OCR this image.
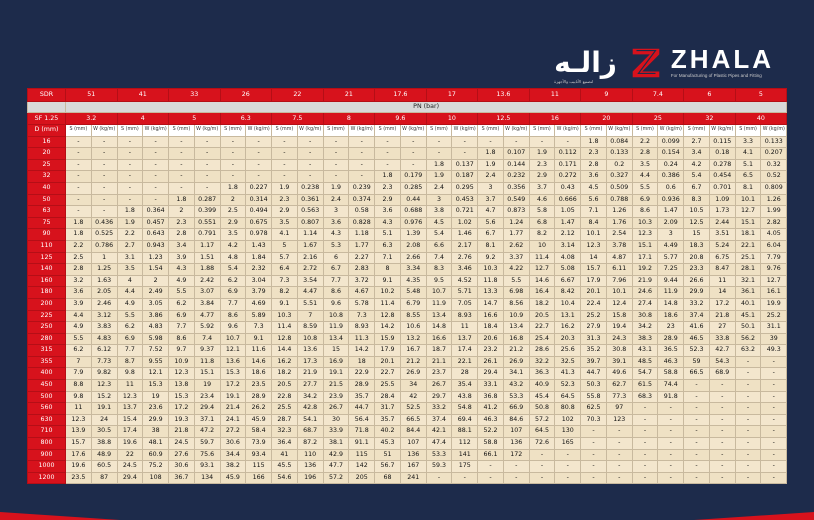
زالـه
لتصنيع الأنابيب والأجهزة
ZHALA
For Manufacturing of Plastic Pipes and Fitting
SDR	51		41		33		26		22		21		17.6		17		13.6		11		9		7.4		6		5	
	PN (bar)																											
SF 1.25	3.2		4		5		6.3		7.5		8		9.6		10		12.5		16		20		25		32		40	
D (mm)	S (mm)	W (kg/m)	S (mm)	W (kg/m)	S (mm)	W (kg/m)	S (mm)	W (kg/m)	S (mm)	W (kg/m)	S (mm)	W (kg/m)	S (mm)	W (kg/m)	S (mm)	W (kg/m)	S (mm)	W (kg/m)	S (mm)	W (kg/m)	S (mm)	W (kg/m)	S (mm)	W (kg/m)	S (mm)	W (kg/m)	S (mm)	W (kg/m)
16	-	-	-	-	-	-	-	-	-	-	-	-	-	-	-	-	-	-	-	-	1.8	0.084	2.2	0.099	2.7	0.115	3.3	0.133
20	-	-	-	-	-	-	-	-	-	-	-	-	-	-	-	-	1.8	0.107	1.9	0.112	2.3	0.133	2.8	0.154	3.4	0.18	4.1	0.207
25	-	-	-	-	-	-	-	-	-	-	-	-	-	-	1.8	0.137	1.9	0.144	2.3	0.171	2.8	0.2	3.5	0.24	4.2	0.278	5.1	0.32
32	-	-	-	-	-	-	-	-	-	-	-	-	1.8	0.179	1.9	0.187	2.4	0.232	2.9	0.272	3.6	0.327	4.4	0.386	5.4	0.454	6.5	0.52
40	-	-	-	-	-	-	1.8	0.227	1.9	0.238	1.9	0.239	2.3	0.285	2.4	0.295	3	0.356	3.7	0.43	4.5	0.509	5.5	0.6	6.7	0.701	8.1	0.809
50	-	-	-	-	1.8	0.287	2	0.314	2.3	0.361	2.4	0.374	2.9	0.44	3	0.453	3.7	0.549	4.6	0.666	5.6	0.788	6.9	0.936	8.3	1.09	10.1	1.26
63	-	-	1.8	0.364	2	0.399	2.5	0.494	2.9	0.563	3	0.58	3.6	0.688	3.8	0.721	4.7	0.873	5.8	1.05	7.1	1.26	8.6	1.47	10.5	1.73	12.7	1.99
75	1.8	0.436	1.9	0.457	2.3	0.551	2.9	0.675	3.5	0.807	3.6	0.828	4.3	0.976	4.5	1.02	5.6	1.24	6.8	1.47	8.4	1.76	10.3	2.09	12.5	2.44	15.1	2.82
90	1.8	0.525	2.2	0.643	2.8	0.791	3.5	0.978	4.1	1.14	4.3	1.18	5.1	1.39	5.4	1.46	6.7	1.77	8.2	2.12	10.1	2.54	12.3	3	15	3.51	18.1	4.05
110	2.2	0.786	2.7	0.943	3.4	1.17	4.2	1.43	5	1.67	5.3	1.77	6.3	2.08	6.6	2.17	8.1	2.62	10	3.14	12.3	3.78	15.1	4.49	18.3	5.24	22.1	6.04
125	2.5	1	3.1	1.23	3.9	1.51	4.8	1.84	5.7	2.16	6	2.27	7.1	2.66	7.4	2.76	9.2	3.37	11.4	4.08	14	4.87	17.1	5.77	20.8	6.75	25.1	7.79
140	2.8	1.25	3.5	1.54	4.3	1.88	5.4	2.32	6.4	2.72	6.7	2.83	8	3.34	8.3	3.46	10.3	4.22	12.7	5.08	15.7	6.11	19.2	7.25	23.3	8.47	28.1	9.76
160	3.2	1.63	4	2	4.9	2.42	6.2	3.04	7.3	3.54	7.7	3.72	9.1	4.35	9.5	4.52	11.8	5.5	14.6	6.67	17.9	7.96	21.9	9.44	26.6	11	32.1	12.7
180	3.6	2.05	4.4	2.49	5.5	3.07	6.9	3.79	8.2	4.47	8.6	4.67	10.2	5.48	10.7	5.71	13.3	6.98	16.4	8.42	20.1	10.1	24.6	11.9	29.9	14	36.1	16.1
200	3.9	2.46	4.9	3.05	6.2	3.84	7.7	4.69	9.1	5.51	9.6	5.78	11.4	6.79	11.9	7.05	14.7	8.56	18.2	10.4	22.4	12.4	27.4	14.8	33.2	17.2	40.1	19.9
225	4.4	3.12	5.5	3.86	6.9	4.77	8.6	5.89	10.3	7	10.8	7.3	12.8	8.55	13.4	8.93	16.6	10.9	20.5	13.1	25.2	15.8	30.8	18.6	37.4	21.8	45.1	25.2
250	4.9	3.83	6.2	4.83	7.7	5.92	9.6	7.3	11.4	8.59	11.9	8.93	14.2	10.6	14.8	11	18.4	13.4	22.7	16.2	27.9	19.4	34.2	23	41.6	27	50.1	31.1
280	5.5	4.83	6.9	5.98	8.6	7.4	10.7	9.1	12.8	10.8	13.4	11.3	15.9	13.2	16.6	13.7	20.6	16.8	25.4	20.3	31.3	24.3	38.3	28.9	46.5	33.8	56.2	39
315	6.2	6.12	7.7	7.52	9.7	9.37	12.1	11.6	14.4	13.6	15	14.2	17.9	16.7	18.7	17.4	23.2	21.2	28.6	25.6	35.2	30.8	43.1	36.5	52.3	42.7	63.2	49.3
355	7	7.73	8.7	9.55	10.9	11.8	13.6	14.6	16.2	17.3	16.9	18	20.1	21.2	21.1	22.1	26.1	26.9	32.2	32.5	39.7	39.1	48.5	46.3	59	54.3	-	-
400	7.9	9.82	9.8	12.1	12.3	15.1	15.3	18.6	18.2	21.9	19.1	22.9	22.7	26.9	23.7	28	29.4	34.1	36.3	41.3	44.7	49.6	54.7	58.8	66.5	68.9	-	-
450	8.8	12.3	11	15.3	13.8	19	17.2	23.5	20.5	27.7	21.5	28.9	25.5	34	26.7	35.4	33.1	43.2	40.9	52.3	50.3	62.7	61.5	74.4	-	-	-	-
500	9.8	15.2	12.3	19	15.3	23.4	19.1	28.9	22.8	34.2	23.9	35.7	28.4	42	29.7	43.8	36.8	53.3	45.4	64.5	55.8	77.3	68.3	91.8	-	-	-	-
560	11	19.1	13.7	23.6	17.2	29.4	21.4	26.2	25.5	42.8	26.7	44.7	31.7	52.5	33.2	54.8	41.2	66.9	50.8	80.8	62.5	97	-	-	-	-	-	-
630	12.3	24	15.4	29.9	19.3	37.1	24.1	45.9	28.7	54.1	30	56.4	35.7	66.5	37.4	69.4	46.3	84.6	57.2	102	70.3	123	-	-	-	-	-	-
710	13.9	30.5	17.4	38	21.8	47.2	27.2	58.4	32.3	68.7	33.9	71.8	40.2	84.4	42.1	88.1	52.2	107	64.5	130	-	-	-	-	-	-	-	-
800	15.7	38.8	19.6	48.1	24.5	59.7	30.6	73.9	36.4	87.2	38.1	91.1	45.3	107	47.4	112	58.8	136	72.6	165	-	-	-	-	-	-	-	-
900	17.6	48.9	22	60.9	27.6	75.6	34.4	93.4	41	110	42.9	115	51	136	53.3	141	66.1	172	-	-	-	-	-	-	-	-	-	-
1000	19.6	60.5	24.5	75.2	30.6	93.1	38.2	115	45.5	136	47.7	142	56.7	167	59.3	175	-	-	-	-	-	-	-	-	-	-	-	-
1200	23.5	87	29.4	108	36.7	134	45.9	166	54.6	196	57.2	205	68	241	-	-	-	-	-	-	-	-	-	-	-	-	-	-
